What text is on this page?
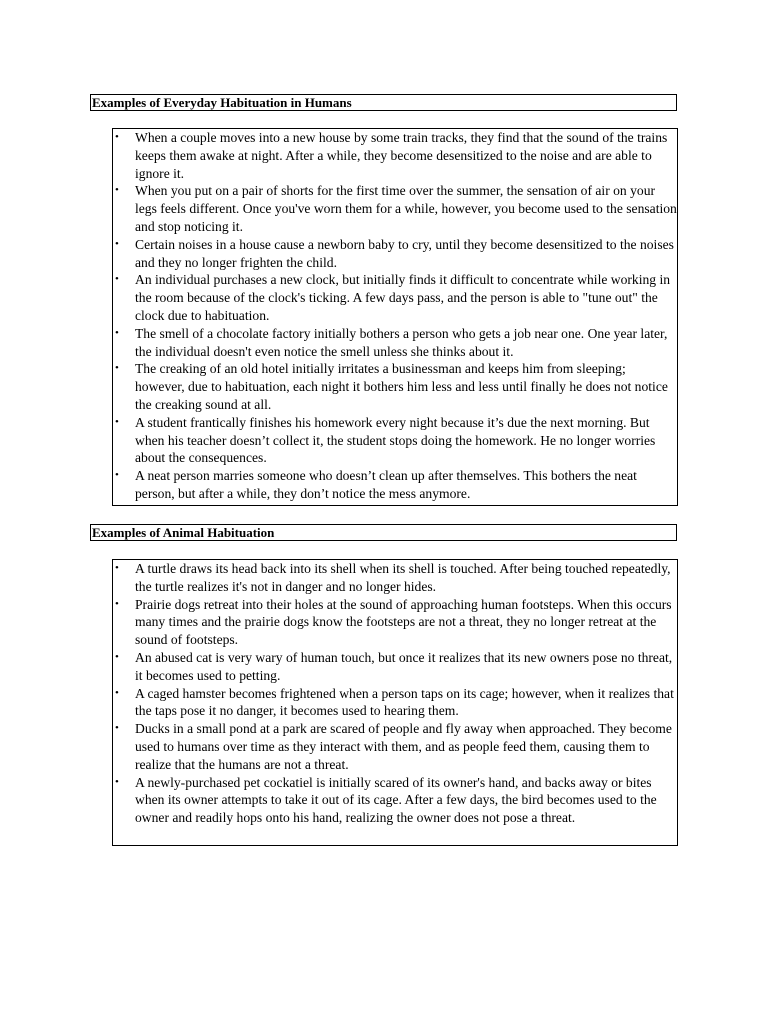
Examples of Everyday Habituation in Humans
• When a couple moves into a new house by some train tracks, they find that the sound of the trains keeps them awake at night. After a while, they become desensitized to the noise and are able to ignore it.
• When you put on a pair of shorts for the first time over the summer, the sensation of air on your legs feels different. Once you've worn them for a while, however, you become used to the sensation and stop noticing it.
• Certain noises in a house cause a newborn baby to cry, until they become desensitized to the noises and they no longer frighten the child.
• An individual purchases a new clock, but initially finds it difficult to concentrate while working in the room because of the clock's ticking. A few days pass, and the person is able to "tune out" the clock due to habituation.
• The smell of a chocolate factory initially bothers a person who gets a job near one. One year later, the individual doesn't even notice the smell unless she thinks about it.
• The creaking of an old hotel initially irritates a businessman and keeps him from sleeping; however, due to habituation, each night it bothers him less and less until finally he does not notice the creaking sound at all.
• A student frantically finishes his homework every night because it’s due the next morning. But when his teacher doesn’t collect it, the student stops doing the homework. He no longer worries about the consequences.
• A neat person marries someone who doesn’t clean up after themselves. This bothers the neat person, but after a while, they don’t notice the mess anymore.
Examples of Animal Habituation
• A turtle draws its head back into its shell when its shell is touched. After being touched repeatedly, the turtle realizes it's not in danger and no longer hides.
• Prairie dogs retreat into their holes at the sound of approaching human footsteps. When this occurs many times and the prairie dogs know the footsteps are not a threat, they no longer retreat at the sound of footsteps.
• An abused cat is very wary of human touch, but once it realizes that its new owners pose no threat, it becomes used to petting.
• A caged hamster becomes frightened when a person taps on its cage; however, when it realizes that the taps pose it no danger, it becomes used to hearing them.
• Ducks in a small pond at a park are scared of people and fly away when approached. They become used to humans over time as they interact with them, and as people feed them, causing them to realize that the humans are not a threat.
• A newly-purchased pet cockatiel is initially scared of its owner's hand, and backs away or bites when its owner attempts to take it out of its cage. After a few days, the bird becomes used to the owner and readily hops onto his hand, realizing the owner does not pose a threat.
